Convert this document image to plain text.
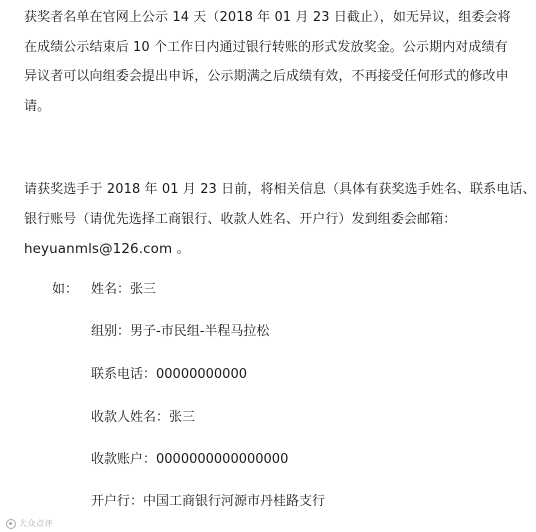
获奖者名单在官网上公示 14 天（2018 年 01 月 23 日截止），如无异议，组委会将
在成绩公示结束后 10 个工作日内通过银行转账的形式发放奖金。公示期内对成绩有
异议者可以向组委会提出申诉，公示期满之后成绩有效，不再接受任何形式的修改申
请。
请获奖选手于 2018 年 01 月 23 日前，将相关信息（具体有获奖选手姓名、联系电话、
银行账号（请优先选择工商银行、收款人姓名、开户行）发到组委会邮箱：
heyuanmls@126.com 。
如： 姓名：张三
组别：男子-市民组-半程马拉松
联系电话：00000000000
收款人姓名：张三
收款账户：0000000000000000
开户行：中国工商银行河源市丹桂路支行
大众点评
